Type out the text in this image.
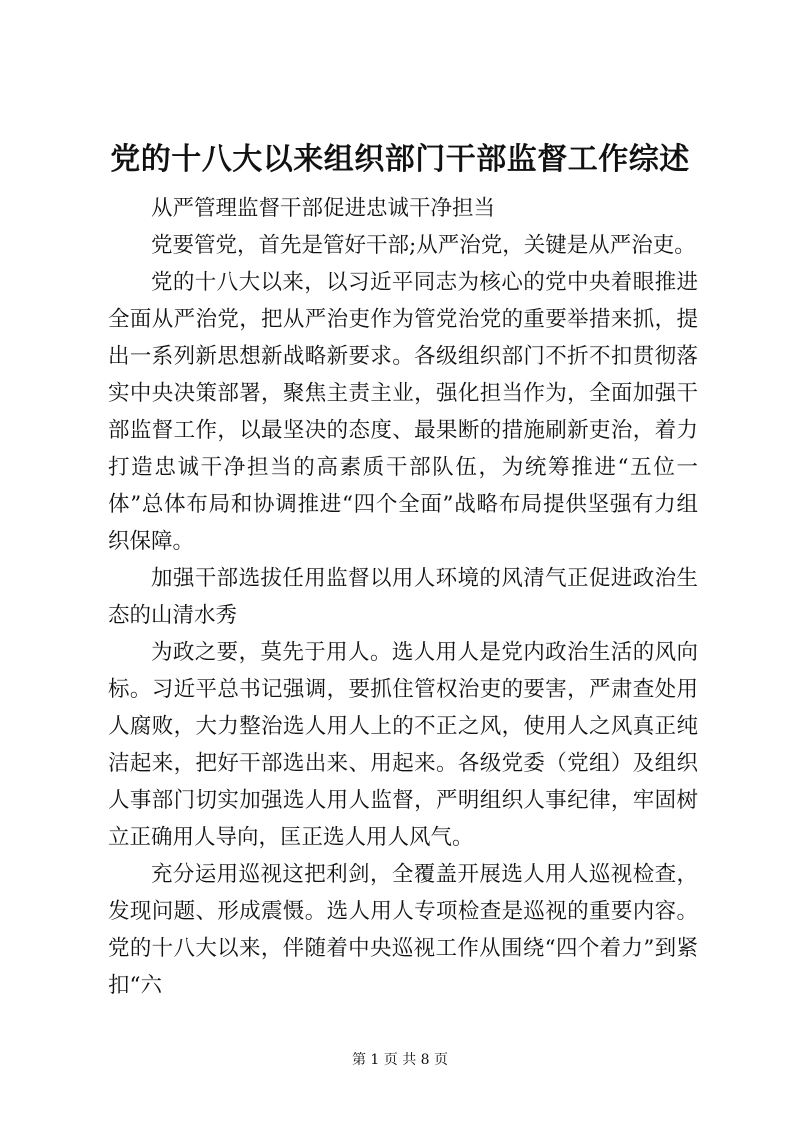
党的十八大以来组织部门干部监督工作综述

从严管理监督干部促进忠诚干净担当

党要管党，首先是管好干部;从严治党，关键是从严治吏。

党的十八大以来，以习近平同志为核心的党中央着眼推进全面从严治党，把从严治吏作为管党治党的重要举措来抓，提出一系列新思想新战略新要求。各级组织部门不折不扣贯彻落实中央决策部署，聚焦主责主业，强化担当作为，全面加强干部监督工作，以最坚决的态度、最果断的措施刷新吏治，着力打造忠诚干净担当的高素质干部队伍，为统筹推进“五位一体”总体布局和协调推进“四个全面”战略布局提供坚强有力组织保障。

加强干部选拔任用监督以用人环境的风清气正促进政治生态的山清水秀

为政之要，莫先于用人。选人用人是党内政治生活的风向标。习近平总书记强调，要抓住管权治吏的要害，严肃查处用人腐败，大力整治选人用人上的不正之风，使用人之风真正纯洁起来，把好干部选出来、用起来。各级党委（党组）及组织人事部门切实加强选人用人监督，严明组织人事纪律，牢固树立正确用人导向，匡正选人用人风气。

充分运用巡视这把利剑，全覆盖开展选人用人巡视检查，发现问题、形成震慑。选人用人专项检查是巡视的重要内容。党的十八大以来，伴随着中央巡视工作从围绕“四个着力”到紧扣“六

第 1 页 共 8 页
